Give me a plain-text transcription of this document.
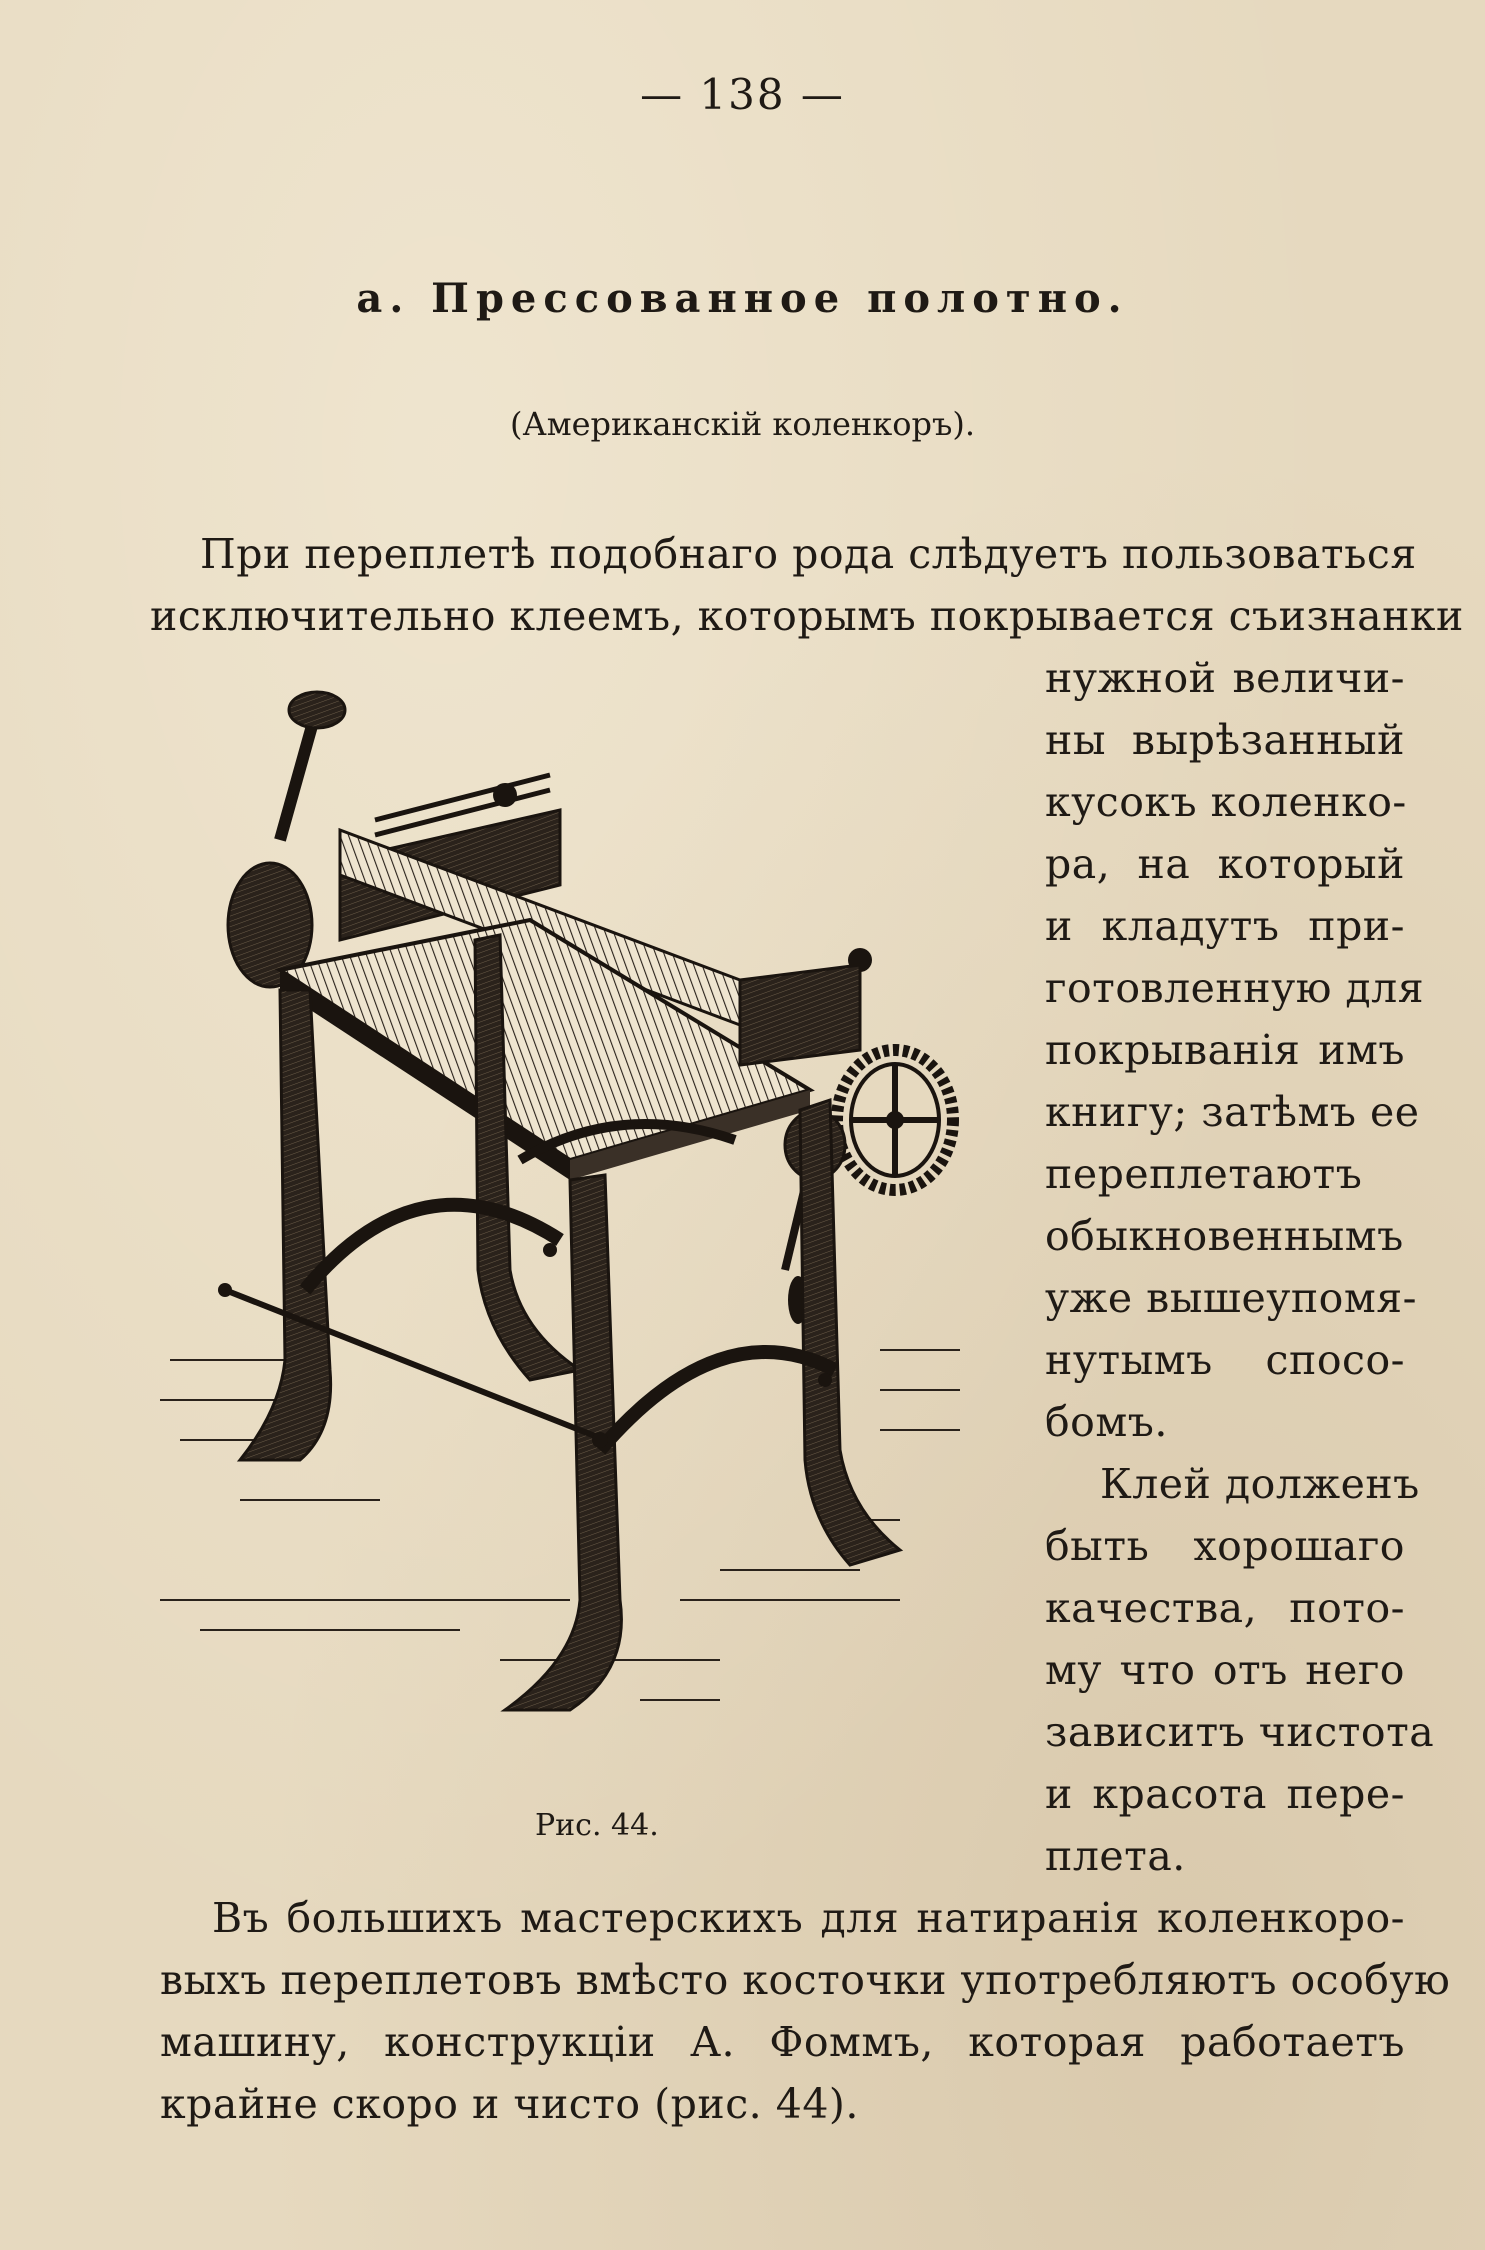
— 138 —
а. Прессованное полотно.
(Американскій коленкоръ).
При переплетѣ подобнаго рода слѣдуетъ пользоваться
исключительно клеемъ, которымъ покрывается съизнанки
нужной величи-
ны вырѣзанный
кусокъ коленко-
ра, на который
и кладутъ при-
готовленную для
покрыванія имъ
книгу; затѣмъ ее
переплетаютъ
обыкновеннымъ
уже вышеупомя-
нутымъ спосо-
бомъ.
Клей долженъ
быть хорошаго
качества, пото-
му что отъ него
зависитъ чистота
и красота пере-
плета.
Въ большихъ мастерскихъ для натиранія коленкоро-
выхъ переплетовъ вмѣсто косточки употребляютъ особую
машину, конструкціи А. Фоммъ, которая работаетъ
крайне скоро и чисто (рис. 44).
Рис. 44.
